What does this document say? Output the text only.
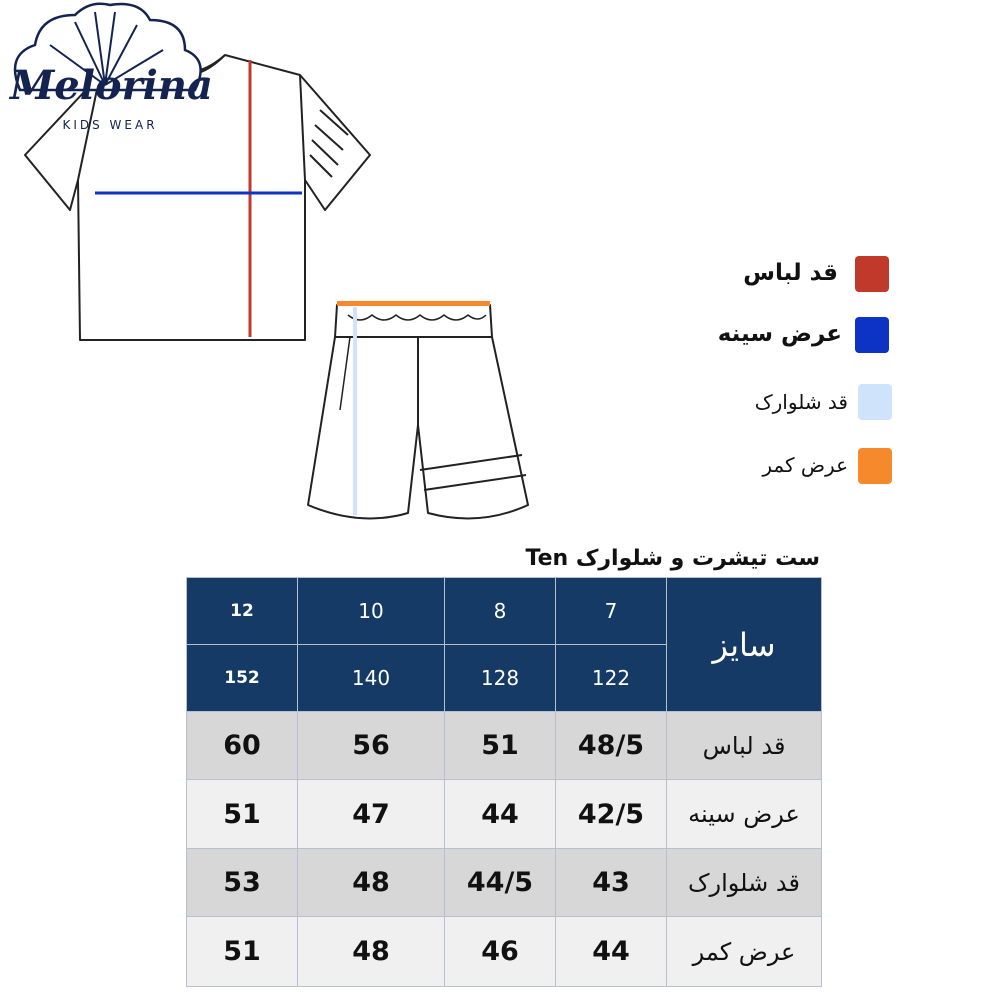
Melorina
KIDS WEAR
قد لباس
عرض سینه
قد شلوارک
عرض کمر
ست تیشرت و شلوارک Ten
12	10	8	7	سایز
152	140	128	122	
60	56	51	48/5	قد لباس
51	47	44	42/5	عرض سینه
53	48	44/5	43	قد شلوارک
51	48	46	44	عرض کمر
